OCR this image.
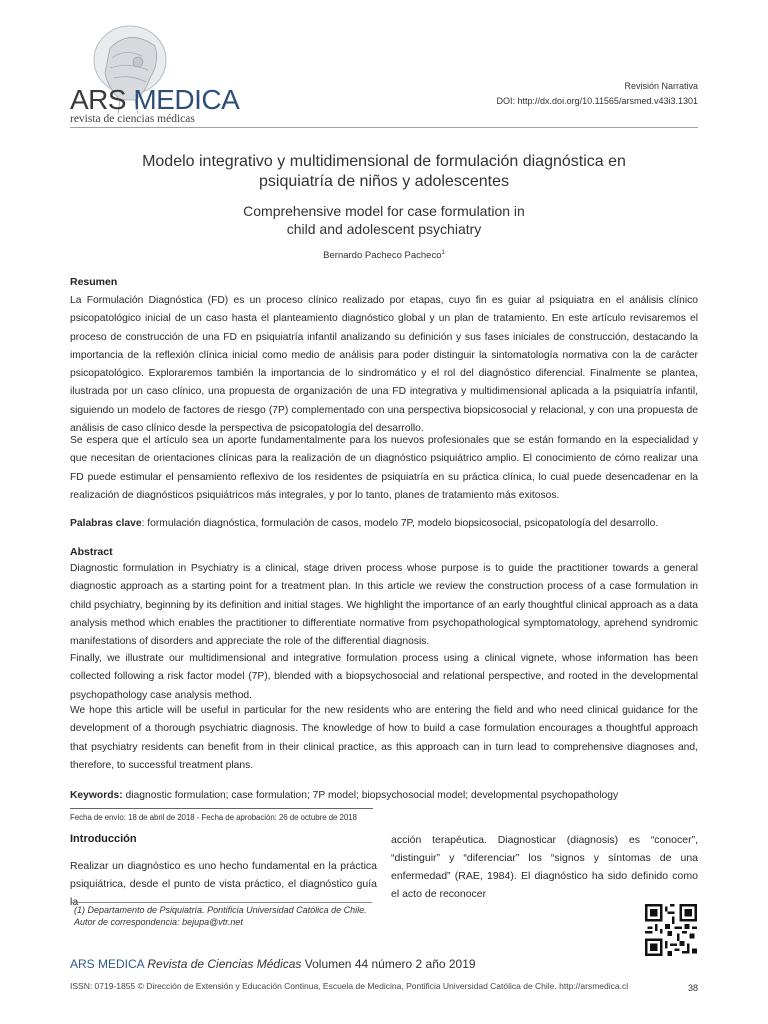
ARS MEDICA
revista de ciencias médicas
Revisión Narrativa
DOI: http://dx.doi.org/10.11565/arsmed.v43i3.1301
Modelo integrativo y multidimensional de formulación diagnóstica en
psiquiatría de niños y adolescentes
Comprehensive model for case formulation in
child and adolescent psychiatry
Bernardo Pacheco Pacheco$^1$
Resumen
La Formulación Diagnóstica (FD) es un proceso clínico realizado por etapas, cuyo fin es guiar al psiquiatra en el análisis clínico psicopatológico inicial de un caso hasta el planteamiento diagnóstico global y un plan de tratamiento. En este artículo revisaremos el proceso de construcción de una FD en psiquiatría infantil analizando su definición y sus fases iniciales de construcción, destacando la importancia de la reflexión clínica inicial como medio de análisis para poder distinguir la sintomatología normativa con la de carácter psicopatológico. Exploraremos también la importancia de lo sindromático y el rol del diagnóstico diferencial. Finalmente se plantea, ilustrada por un caso clínico, una propuesta de organización de una FD integrativa y multidimensional aplicada a la psiquiatría infantil, siguiendo un modelo de factores de riesgo (7P) complementado con una perspectiva biopsicosocial y relacional, y con una propuesta de análisis de caso clínico desde la perspectiva de psicopatología del desarrollo.
Se espera que el artículo sea un aporte fundamentalmente para los nuevos profesionales que se están formando en la especialidad y que necesitan de orientaciones clínicas para la realización de un diagnóstico psiquiátrico amplio. El conocimiento de cómo realizar una FD puede estimular el pensamiento reflexivo de los residentes de psiquiatría en su práctica clínica, lo cual puede desencadenar en la realización de diagnósticos psiquiátricos más integrales, y por lo tanto, planes de tratamiento más exitosos.
Palabras clave: formulación diagnóstica, formulación de casos, modelo 7P, modelo biopsicosocial, psicopatología del desarrollo.
Abstract
Diagnostic formulation in Psychiatry is a clinical, stage driven process whose purpose is to guide the practitioner towards a general diagnostic approach as a starting point for a treatment plan. In this article we review the construction process of a case formulation in child psychiatry, beginning by its definition and initial stages. We highlight the importance of an early thoughtful clinical approach as a data analysis method which enables the practitioner to differentiate normative from psychopathological symptomatology, aprehend syndromic manifestations of disorders and appreciate the role of the differential diagnosis.
Finally, we illustrate our multidimensional and integrative formulation process using a clinical vignete, whose information has been collected following a risk factor model (7P), blended with a biopsychosocial and relational perspective, and rooted in the developmental psychopathology case analysis method.
We hope this article will be useful in particular for the new residents who are entering the field and who need clinical guidance for the development of a thorough psychiatric diagnosis. The knowledge of how to build a case formulation encourages a thoughtful approach that psychiatry residents can benefit from in their clinical practice, as this approach can in turn lead to comprehensive diagnoses and, therefore, to successful treatment plans.
Keywords: diagnostic formulation; case formulation; 7P model; biopsychosocial model; developmental psychopathology
Fecha de envío: 18 de abril de 2018 - Fecha de aprobación: 26 de octubre de 2018
Introducción
Realizar un diagnóstico es uno hecho fundamental en la práctica psiquiátrica, desde el punto de vista práctico, el diagnóstico guía la
acción terapéutica. Diagnosticar (diagnosis) es “conocer”, “distinguir” y “diferenciar” los “signos y síntomas de una enfermedad” (RAE, 1984). El diagnóstico ha sido definido como el acto de reconocer
(1) Departamento de Psiquiatría. Pontificia Universidad Católica de Chile.
Autor de correspondencia: bejupa@vtr.net
ARS MEDICA Revista de Ciencias Médicas Volumen 44 número 2 año 2019
ISSN: 0719-1855 © Dirección de Extensión y Educación Continua, Escuela de Medicina, Pontificia Universidad Católica de Chile. http://arsmedica.cl	38
